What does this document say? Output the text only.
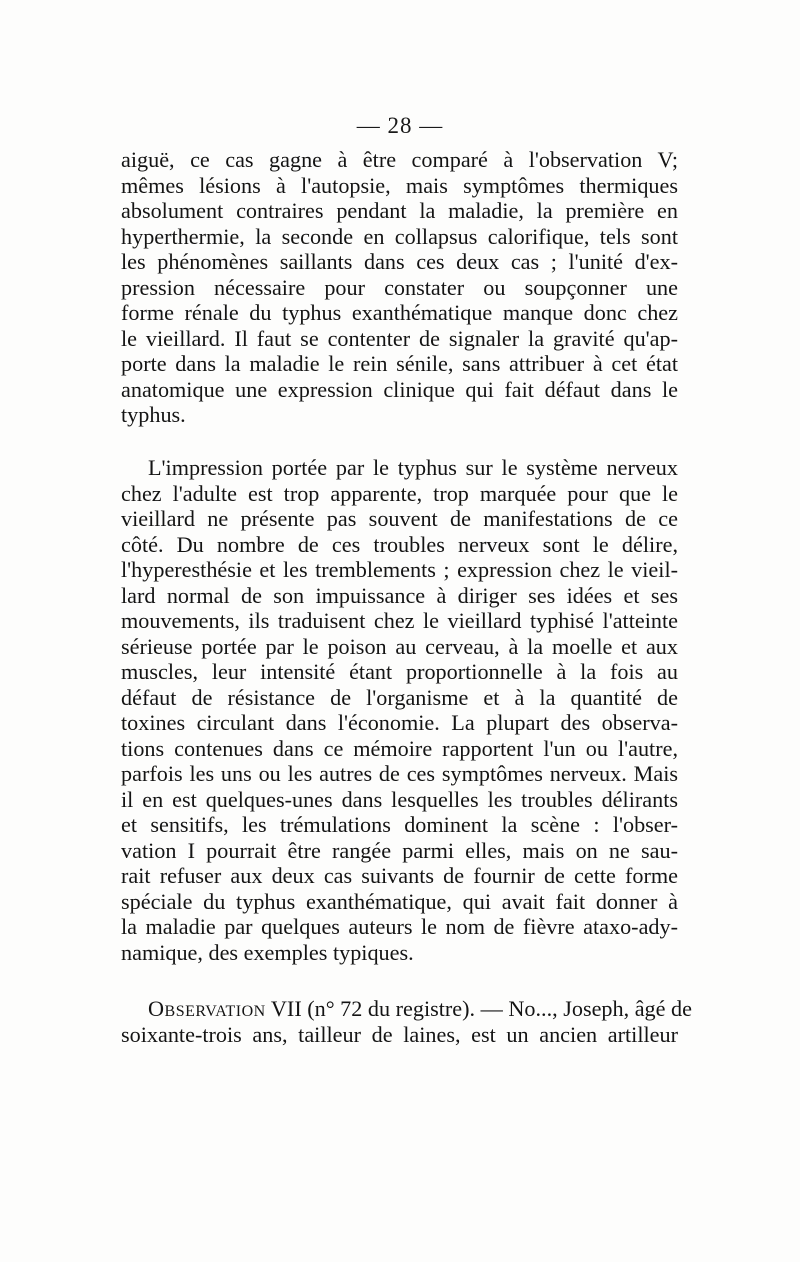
— 28 —
aiguë, ce cas gagne à être comparé à l'observation V;
mêmes lésions à l'autopsie, mais symptômes thermiques
absolument contraires pendant la maladie, la première en
hyperthermie, la seconde en collapsus calorifique, tels sont
les phénomènes saillants dans ces deux cas ; l'unité d'ex-
pression nécessaire pour constater ou soupçonner une
forme rénale du typhus exanthématique manque donc chez
le vieillard. Il faut se contenter de signaler la gravité qu'ap-
porte dans la maladie le rein sénile, sans attribuer à cet état
anatomique une expression clinique qui fait défaut dans le
typhus.
L'impression portée par le typhus sur le système nerveux
chez l'adulte est trop apparente, trop marquée pour que le
vieillard ne présente pas souvent de manifestations de ce
côté. Du nombre de ces troubles nerveux sont le délire,
l'hyperesthésie et les tremblements ; expression chez le vieil-
lard normal de son impuissance à diriger ses idées et ses
mouvements, ils traduisent chez le vieillard typhisé l'atteinte
sérieuse portée par le poison au cerveau, à la moelle et aux
muscles, leur intensité étant proportionnelle à la fois au
défaut de résistance de l'organisme et à la quantité de
toxines circulant dans l'économie. La plupart des observa-
tions contenues dans ce mémoire rapportent l'un ou l'autre,
parfois les uns ou les autres de ces symptômes nerveux. Mais
il en est quelques-unes dans lesquelles les troubles délirants
et sensitifs, les trémulations dominent la scène : l'obser-
vation I pourrait être rangée parmi elles, mais on ne sau-
rait refuser aux deux cas suivants de fournir de cette forme
spéciale du typhus exanthématique, qui avait fait donner à
la maladie par quelques auteurs le nom de fièvre ataxo-ady-
namique, des exemples typiques.
Observation VII (n° 72 du registre). — No..., Joseph, âgé de
soixante-trois ans, tailleur de laines, est un ancien artilleur
